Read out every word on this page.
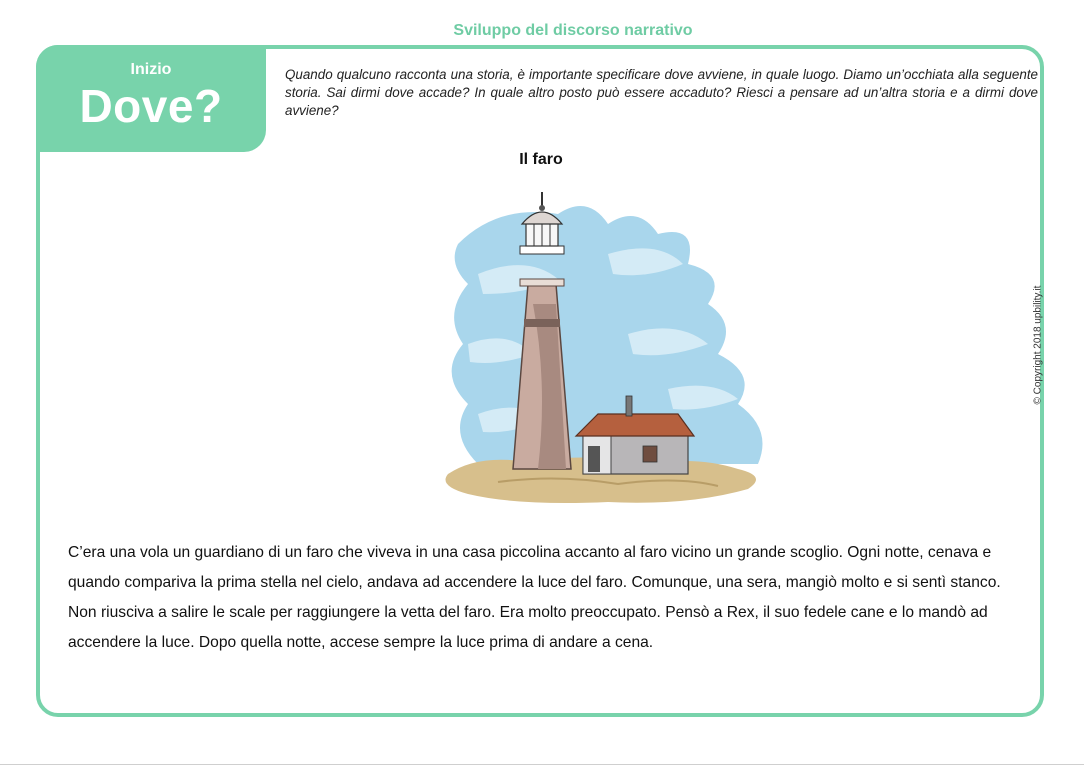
Sviluppo del discorso narrativo
Inizio
Dove?
Quando qualcuno racconta una storia, è importante specificare dove avviene, in quale luogo. Diamo un’occhiata alla seguente storia. Sai dirmi dove accade? In quale altro posto può essere accaduto? Riesci a pensare ad un’altra storia e a dirmi dove avviene?
Il faro
C’era una vola un guardiano di un faro che viveva in una casa piccolina accanto al faro vicino un grande scoglio. Ogni notte, cenava e quando compariva la prima stella nel cielo, andava ad accendere la luce del faro. Comunque, una sera, mangiò molto e si sentì stanco. Non riusciva a salire le scale per raggiungere la vetta del faro. Era molto preoccupato. Pensò a Rex, il suo fedele cane e lo mandò ad accendere la luce. Dopo quella notte, accese sempre la luce prima di andare a cena.
© Copyright 2018 upbility.it
